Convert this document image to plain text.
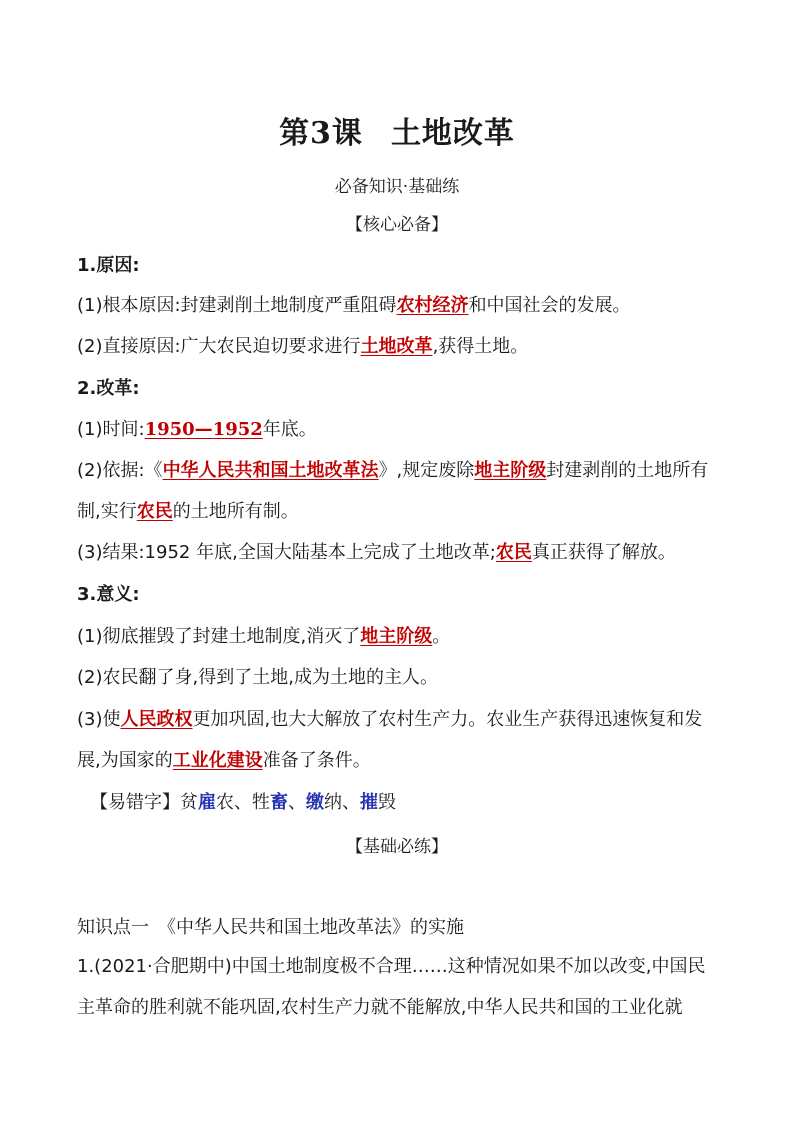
第3课 土地改革
必备知识·基础练
【核心必备】
1.原因:
(1)根本原因:封建剥削土地制度严重阻碍农村经济和中国社会的发展。
(2)直接原因:广大农民迫切要求进行土地改革,获得土地。
2.改革:
(1)时间:1950—1952年底。
(2)依据:《中华人民共和国土地改革法》,规定废除地主阶级封建剥削的土地所有
制,实行农民的土地所有制。
(3)结果:1952 年底,全国大陆基本上完成了土地改革;农民真正获得了解放。
3.意义:
(1)彻底摧毁了封建土地制度,消灭了地主阶级。
(2)农民翻了身,得到了土地,成为土地的主人。
(3)使人民政权更加巩固,也大大解放了农村生产力。农业生产获得迅速恢复和发
展,为国家的工业化建设准备了条件。
【易错字】贫雇农、牲畜、缴纳、摧毁
【基础必练】
知识点一　《中华人民共和国土地改革法》的实施
1.(2021·合肥期中)中国土地制度极不合理……这种情况如果不加以改变,中国民
主革命的胜利就不能巩固,农村生产力就不能解放,中华人民共和国的工业化就
